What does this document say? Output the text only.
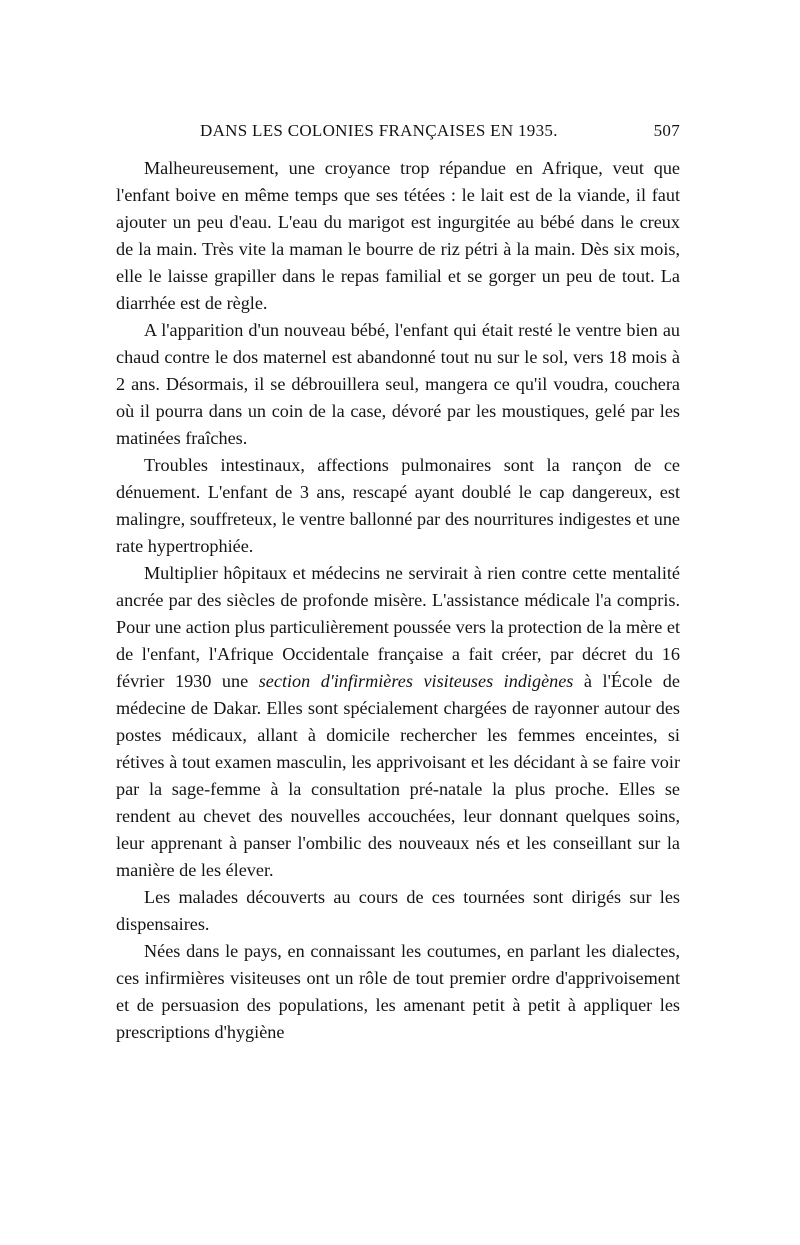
DANS LES COLONIES FRANÇAISES EN 1935.	507

Malheureusement, une croyance trop répandue en Afrique, veut que l'enfant boive en même temps que ses tétées : le lait est de la viande, il faut ajouter un peu d'eau. L'eau du marigot est ingurgitée au bébé dans le creux de la main. Très vite la maman le bourre de riz pétri à la main. Dès six mois, elle le laisse grapiller dans le repas familial et se gorger un peu de tout. La diarrhée est de règle.

A l'apparition d'un nouveau bébé, l'enfant qui était resté le ventre bien au chaud contre le dos maternel est abandonné tout nu sur le sol, vers 18 mois à 2 ans. Désormais, il se débrouillera seul, mangera ce qu'il voudra, couchera où il pourra dans un coin de la case, dévoré par les moustiques, gelé par les matinées fraîches.

Troubles intestinaux, affections pulmonaires sont la rançon de ce dénuement. L'enfant de 3 ans, rescapé ayant doublé le cap dangereux, est malingre, souffreteux, le ventre ballonné par des nourritures indigestes et une rate hypertrophiée.

Multiplier hôpitaux et médecins ne servirait à rien contre cette mentalité ancrée par des siècles de profonde misère. L'assistance médicale l'a compris. Pour une action plus particulièrement poussée vers la protection de la mère et de l'enfant, l'Afrique Occidentale française a fait créer, par décret du 16 février 1930 une section d'infirmières visiteuses indigènes à l'École de médecine de Dakar. Elles sont spécialement chargées de rayonner autour des postes médicaux, allant à domicile rechercher les femmes enceintes, si rétives à tout examen masculin, les apprivoisant et les décidant à se faire voir par la sage-femme à la consultation pré-natale la plus proche. Elles se rendent au chevet des nouvelles accouchées, leur donnant quelques soins, leur apprenant à panser l'ombilic des nouveaux nés et les conseillant sur la manière de les élever.

Les malades découverts au cours de ces tournées sont dirigés sur les dispensaires.

Nées dans le pays, en connaissant les coutumes, en parlant les dialectes, ces infirmières visiteuses ont un rôle de tout premier ordre d'apprivoisement et de persuasion des populations, les amenant petit à petit à appliquer les prescriptions d'hygiène
